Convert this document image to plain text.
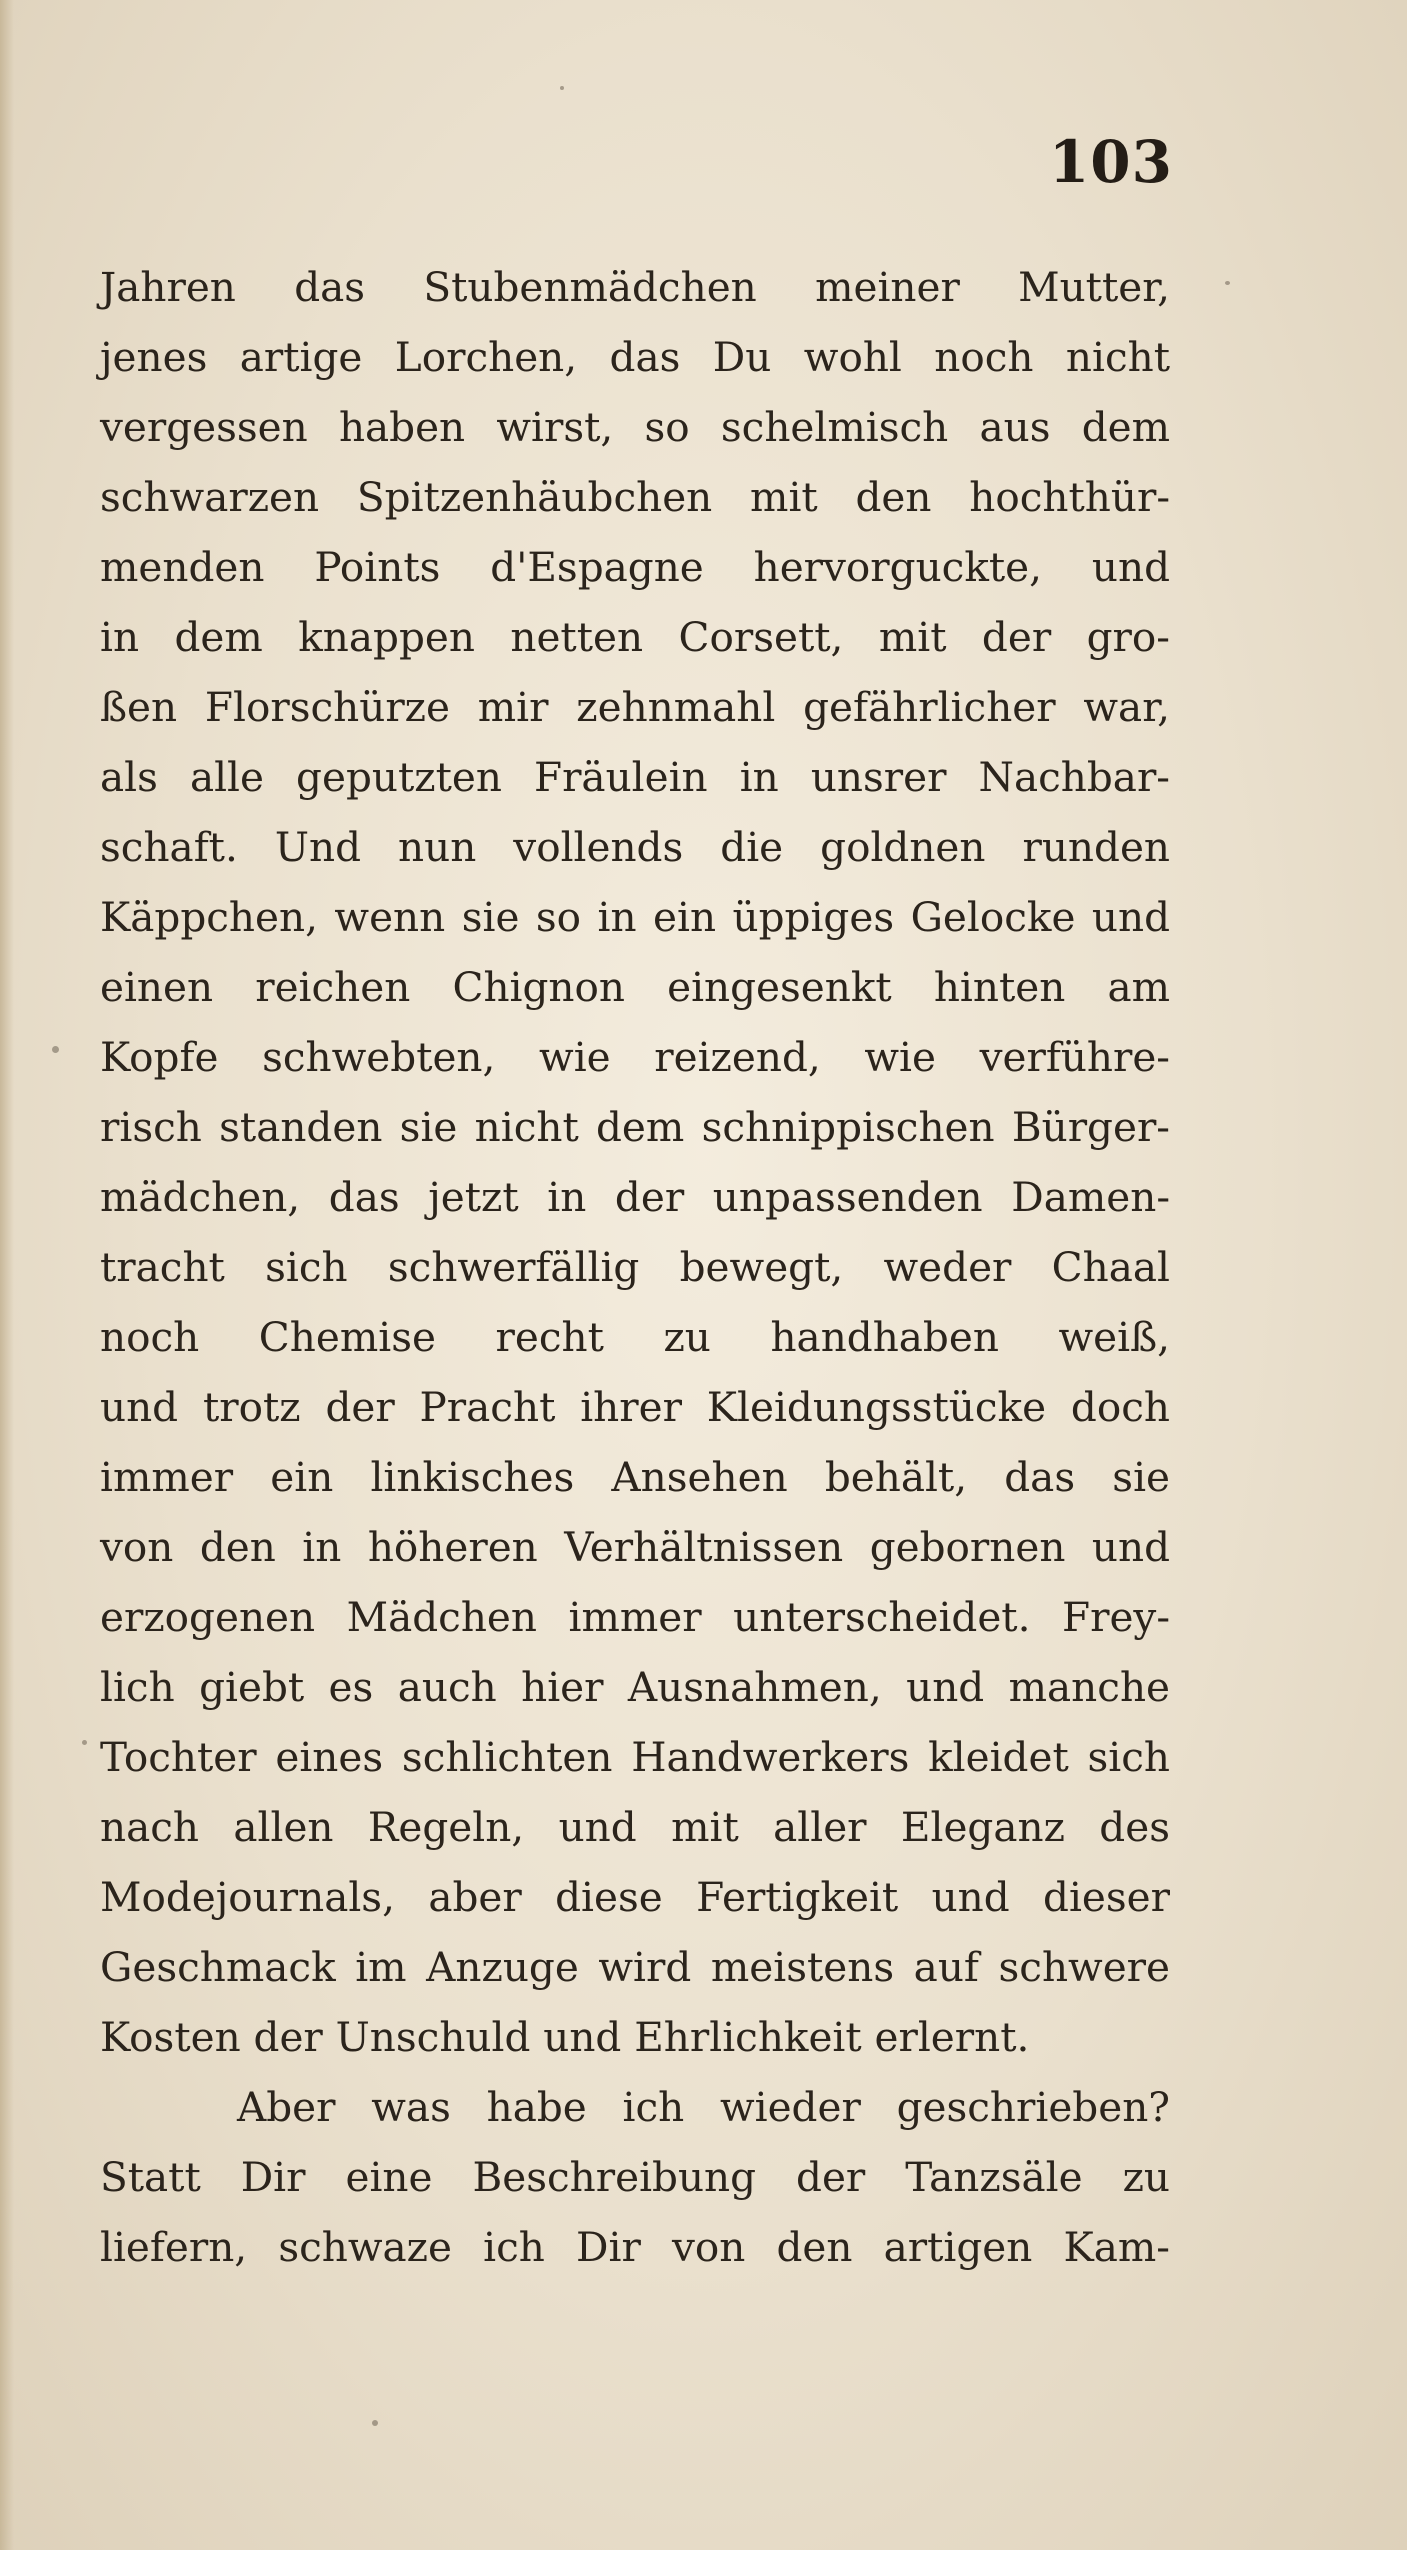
103
Jahren das Stubenmädchen meiner Mutter,
jenes artige Lorchen, das Du wohl noch nicht
vergessen haben wirst, so schelmisch aus dem
schwarzen Spitzenhäubchen mit den hochthür-
menden Points d'Espagne hervorguckte, und
in dem knappen netten Corsett, mit der gro-
ßen Florschürze mir zehnmahl gefährlicher war,
als alle geputzten Fräulein in unsrer Nachbar-
schaft. Und nun vollends die goldnen runden
Käppchen, wenn sie so in ein üppiges Gelocke und
einen reichen Chignon eingesenkt hinten am
Kopfe schwebten, wie reizend, wie verführe-
risch standen sie nicht dem schnippischen Bürger-
mädchen, das jetzt in der unpassenden Damen-
tracht sich schwerfällig bewegt, weder Chaal
noch Chemise recht zu handhaben weiß,
und trotz der Pracht ihrer Kleidungsstücke doch
immer ein linkisches Ansehen behält, das sie
von den in höheren Verhältnissen gebornen und
erzogenen Mädchen immer unterscheidet. Frey-
lich giebt es auch hier Ausnahmen, und manche
Tochter eines schlichten Handwerkers kleidet sich
nach allen Regeln, und mit aller Eleganz des
Modejournals, aber diese Fertigkeit und dieser
Geschmack im Anzuge wird meistens auf schwere
Kosten der Unschuld und Ehrlichkeit erlernt.
Aber was habe ich wieder geschrieben?
Statt Dir eine Beschreibung der Tanzsäle zu
liefern, schwaze ich Dir von den artigen Kam-
